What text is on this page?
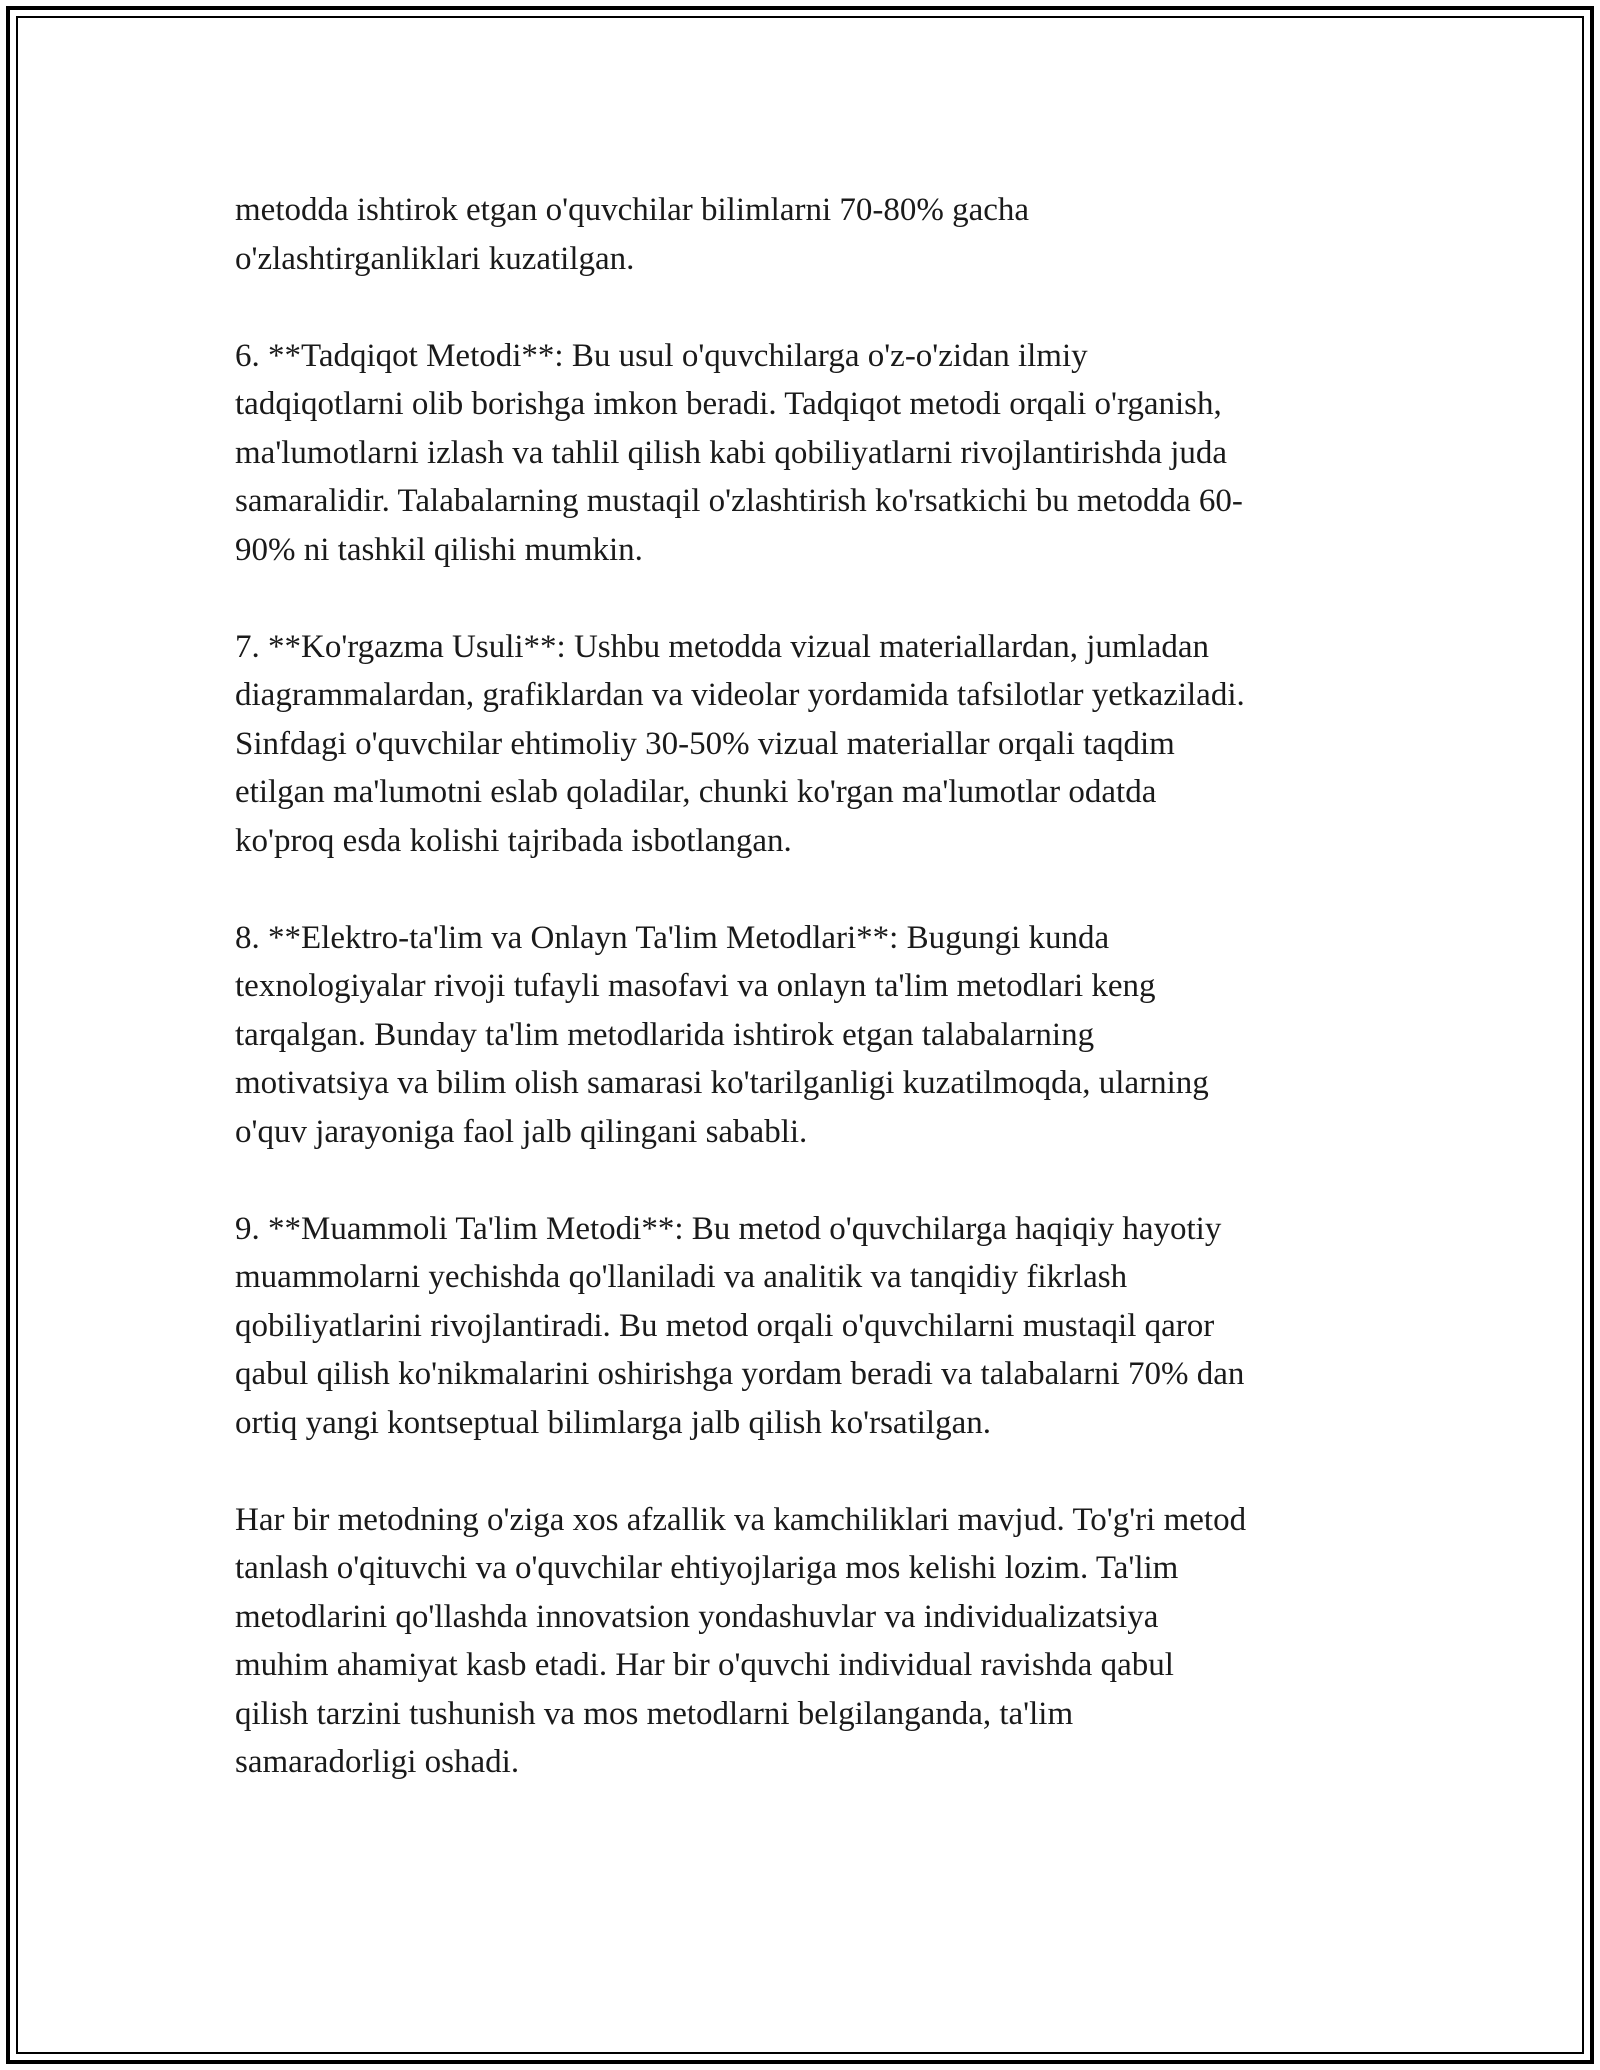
metodda ishtirok etgan o'quvchilar bilimlarni 70-80% gacha
o'zlashtirganliklari kuzatilgan.

6. **Tadqiqot Metodi**: Bu usul o'quvchilarga o'z-o'zidan ilmiy
tadqiqotlarni olib borishga imkon beradi. Tadqiqot metodi orqali o'rganish,
ma'lumotlarni izlash va tahlil qilish kabi qobiliyatlarni rivojlantirishda juda
samaralidir. Talabalarning mustaqil o'zlashtirish ko'rsatkichi bu metodda 60-
90% ni tashkil qilishi mumkin.

7. **Ko'rgazma Usuli**: Ushbu metodda vizual materiallardan, jumladan
diagrammalardan, grafiklardan va videolar yordamida tafsilotlar yetkaziladi.
Sinfdagi o'quvchilar ehtimoliy 30-50% vizual materiallar orqali taqdim
etilgan ma'lumotni eslab qoladilar, chunki ko'rgan ma'lumotlar odatda
ko'proq esda kolishi tajribada isbotlangan.

8. **Elektro-ta'lim va Onlayn Ta'lim Metodlari**: Bugungi kunda
texnologiyalar rivoji tufayli masofavi va onlayn ta'lim metodlari keng
tarqalgan. Bunday ta'lim metodlarida ishtirok etgan talabalarning
motivatsiya va bilim olish samarasi ko'tarilganligi kuzatilmoqda, ularning
o'quv jarayoniga faol jalb qilingani sababli.

9. **Muammoli Ta'lim Metodi**: Bu metod o'quvchilarga haqiqiy hayotiy
muammolarni yechishda qo'llaniladi va analitik va tanqidiy fikrlash
qobiliyatlarini rivojlantiradi. Bu metod orqali o'quvchilarni mustaqil qaror
qabul qilish ko'nikmalarini oshirishga yordam beradi va talabalarni 70% dan
ortiq yangi kontseptual bilimlarga jalb qilish ko'rsatilgan.

Har bir metodning o'ziga xos afzallik va kamchiliklari mavjud. To'g'ri metod
tanlash o'qituvchi va o'quvchilar ehtiyojlariga mos kelishi lozim. Ta'lim
metodlarini qo'llashda innovatsion yondashuvlar va individualizatsiya
muhim ahamiyat kasb etadi. Har bir o'quvchi individual ravishda qabul
qilish tarzini tushunish va mos metodlarni belgilanganda, ta'lim
samaradorligi oshadi.
